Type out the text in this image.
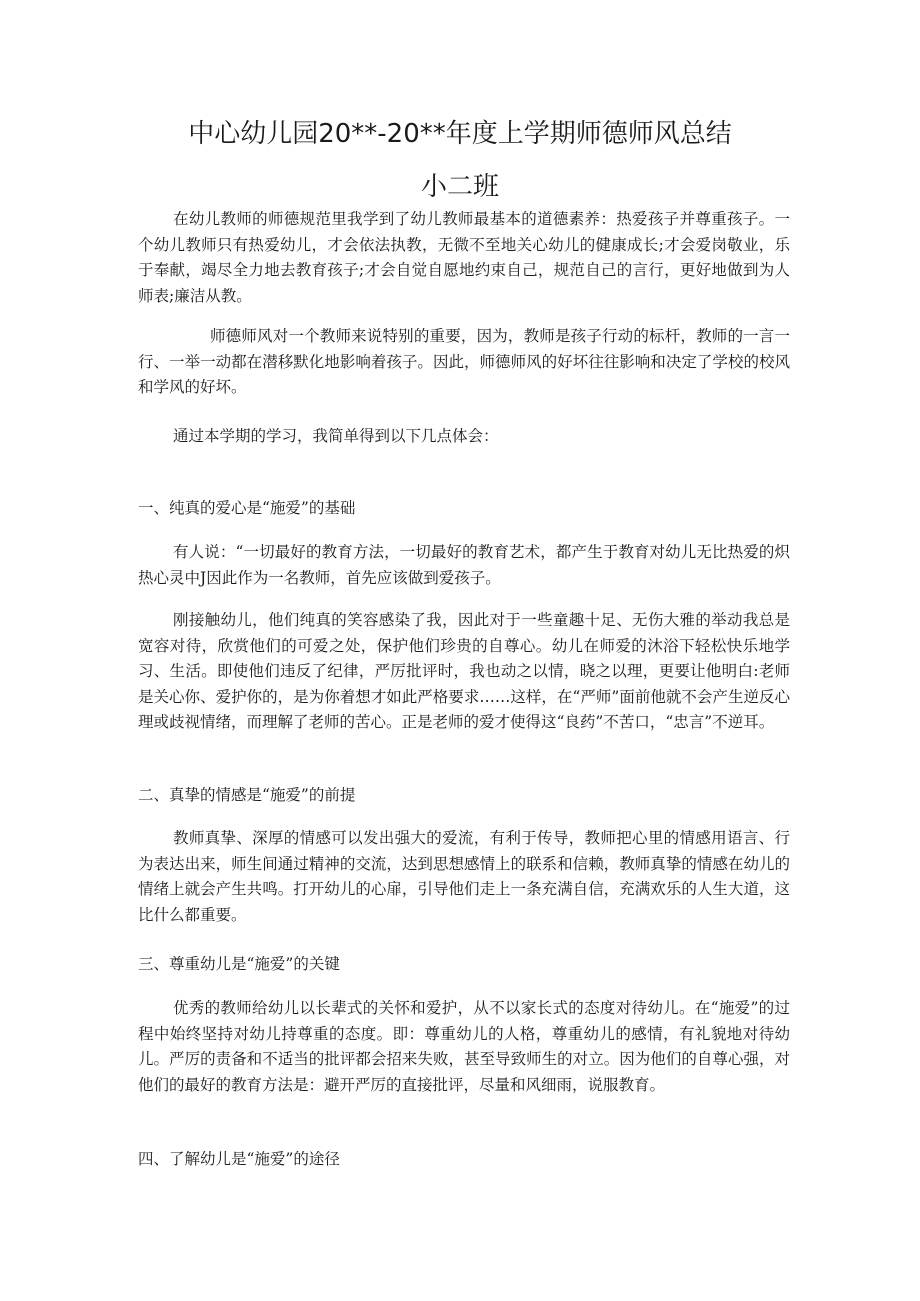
中心幼儿园20**-20**年度上学期师德师风总结
小二班

在幼儿教师的师德规范里我学到了幼儿教师最基本的道德素养：热爱孩子并尊重孩子。一个幼儿教师只有热爱幼儿，才会依法执教，无微不至地关心幼儿的健康成长;才会爱岗敬业，乐于奉献，竭尽全力地去教育孩子;才会自觉自愿地约束自己，规范自己的言行，更好地做到为人师表;廉洁从教。

师德师风对一个教师来说特别的重要，因为，教师是孩子行动的标杆，教师的一言一行、一举一动都在潜移默化地影响着孩子。因此，师德师风的好坏往往影响和决定了学校的校风和学风的好坏。

通过本学期的学习，我简单得到以下几点体会：

一、纯真的爱心是“施爱”的基础

有人说：“一切最好的教育方法，一切最好的教育艺术，都产生于教育对幼儿无比热爱的炽热心灵中J因此作为一名教师，首先应该做到爱孩子。

刚接触幼儿，他们纯真的笑容感染了我，因此对于一些童趣十足、无伤大雅的举动我总是宽容对待，欣赏他们的可爱之处，保护他们珍贵的自尊心。幼儿在师爱的沐浴下轻松快乐地学习、生活。即使他们违反了纪律，严厉批评时，我也动之以情，晓之以理，更要让他明白:老师是关心你、爱护你的，是为你着想才如此严格要求……这样，在“严师”面前他就不会产生逆反心理或歧视情绪，而理解了老师的苦心。正是老师的爱才使得这“良药”不苦口，“忠言”不逆耳。

二、真挚的情感是“施爱”的前提

教师真挚、深厚的情感可以发出强大的爱流，有利于传导，教师把心里的情感用语言、行为表达出来，师生间通过精神的交流，达到思想感情上的联系和信赖，教师真挚的情感在幼儿的情绪上就会产生共鸣。打开幼儿的心扉，引导他们走上一条充满自信，充满欢乐的人生大道，这比什么都重要。

三、尊重幼儿是“施爱”的关键

优秀的教师给幼儿以长辈式的关怀和爱护，从不以家长式的态度对待幼儿。在“施爱”的过程中始终坚持对幼儿持尊重的态度。即：尊重幼儿的人格，尊重幼儿的感情，有礼貌地对待幼儿。严厉的责备和不适当的批评都会招来失败，甚至导致师生的对立。因为他们的自尊心强，对他们的最好的教育方法是：避开严厉的直接批评，尽量和风细雨，说服教育。

四、了解幼儿是“施爱”的途径
